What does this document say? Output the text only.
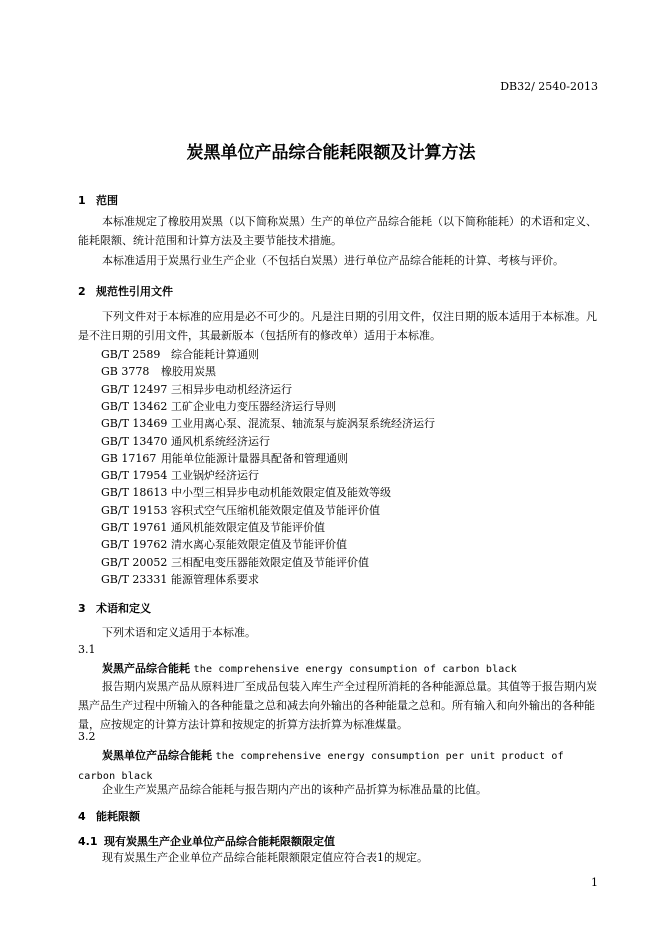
DB32/ 2540-2013
炭黑单位产品综合能耗限额及计算方法
1 范围
本标准规定了橡胶用炭黑（以下简称炭黑）生产的单位产品综合能耗（以下简称能耗）的术语和定义、能耗限额、统计范围和计算方法及主要节能技术措施。
本标准适用于炭黑行业生产企业（不包括白炭黑）进行单位产品综合能耗的计算、考核与评价。
2 规范性引用文件
下列文件对于本标准的应用是必不可少的。凡是注日期的引用文件，仅注日期的版本适用于本标准。凡是不注日期的引用文件，其最新版本（包括所有的修改单）适用于本标准。
GB/T 2589 综合能耗计算通则
GB 3778 橡胶用炭黑
GB/T 12497 三相异步电动机经济运行
GB/T 13462 工矿企业电力变压器经济运行导则
GB/T 13469 工业用离心泵、混流泵、轴流泵与旋涡泵系统经济运行
GB/T 13470 通风机系统经济运行
GB 17167 用能单位能源计量器具配备和管理通则
GB/T 17954 工业锅炉经济运行
GB/T 18613 中小型三相异步电动机能效限定值及能效等级
GB/T 19153 容积式空气压缩机能效限定值及节能评价值
GB/T 19761 通风机能效限定值及节能评价值
GB/T 19762 清水离心泵能效限定值及节能评价值
GB/T 20052 三相配电变压器能效限定值及节能评价值
GB/T 23331 能源管理体系要求
3 术语和定义
下列术语和定义适用于本标准。
3.1
炭黑产品综合能耗 the comprehensive energy consumption of carbon black
报告期内炭黑产品从原料进厂至成品包装入库生产全过程所消耗的各种能源总量。其值等于报告期内炭黑产品生产过程中所输入的各种能量之总和减去向外输出的各种能量之总和。所有输入和向外输出的各种能量，应按规定的计算方法计算和按规定的折算方法折算为标准煤量。
3.2
炭黑单位产品综合能耗 the comprehensive energy consumption per unit product of carbon black
企业生产炭黑产品综合能耗与报告期内产出的该种产品折算为标准品量的比值。
4 能耗限额
4.1 现有炭黑生产企业单位产品综合能耗限额限定值
现有炭黑生产企业单位产品综合能耗限额限定值应符合表1的规定。
1
